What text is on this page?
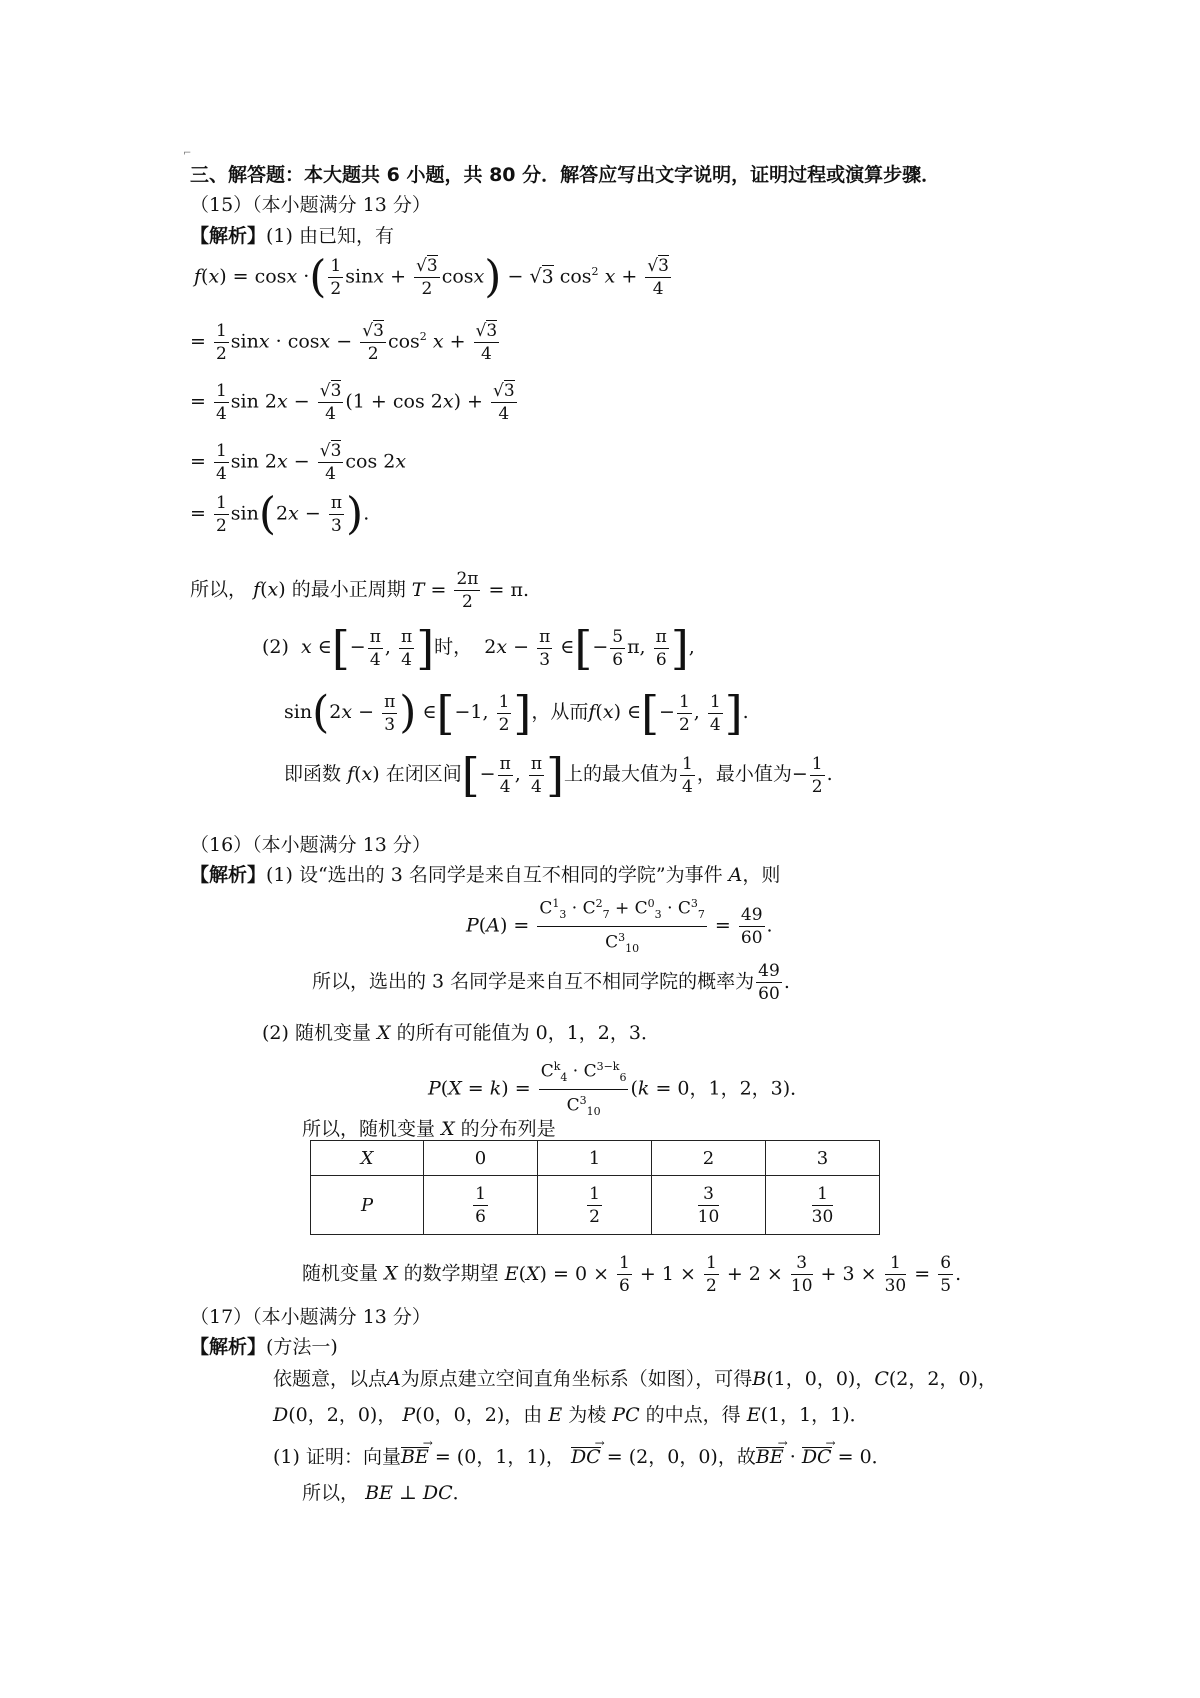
⌐
三、解答题：本大题共 6 小题，共 80 分．解答应写出文字说明，证明过程或演算步骤．
（15）（本小题满分 13 分）
【解析】(1) 由已知，有
f(x) = cosx ·( $\frac{1}{2}$ $\sin x + \frac{√3}{2} \cos x) - √3$ $\cos^2 x + \frac{√3}{4}$
= $\frac{1}{2}$ $\sin x \cdot \cos x - \frac{√3}{2} \cos^2 x + \frac{√3}{4}$
= $\frac{1}{4}$ $\sin 2x - \frac{√3}{4} (1 + \cos 2x) + \frac{√3}{4}$
= $\frac{1}{4}$ $\sin 2x - \frac{√3}{4}$ cos 2x
= $\frac{1}{2} \sin(2x - \frac{\pi}{3}$ ).
所以， f(x) 的最小正周期 $T = \frac{2\pi}{2} = \pi$.
(2) x ∈[− $\frac{\pi}{4}$ , $\frac{\pi}{4}$ ]时， $2x - \frac{\pi}{3}$ ∈[− $\frac{5}{6} \pi$, $\frac{\pi}{6}$ ],
$\sin(2x - \frac{\pi}{3}$ ) ∈[−1, $\frac{1}{2}$ ]，从而f(x) ∈[− $\frac{1}{2}$ , $\frac{1}{4}$ ].
即函数 f(x) 在闭区间[− $\frac{\pi}{4}$ , $\frac{\pi}{4}$ ]上的最大值为 $\frac{1}{4}$ ，最小值为− $\frac{1}{2}$ .
（16）（本小题满分 13 分）
【解析】(1) 设“选出的 3 名同学是来自互不相同的学院”为事件 A，则
$P(A) = \frac{C^1_3 \cdot C^2_7 + C^0_3 \cdot C^3_7}{C^3_{10}} = \frac{49}{60}$ .
所以，选出的 3 名同学是来自互不相同学院的概率为 $\frac{49}{60}$ .
(2) 随机变量 X 的所有可能值为 0，1，2，3．
$P(X = k) = \frac{C^k_4 \cdot C^{3-k}_6}{C^3_{10}} (k = 0$，1，2，3)．
所以，随机变量 X 的分布列是
X	0	1	2	3
P	$\frac{1}{6}$	$\frac{1}{2}$	$\frac{3}{10}$	$\frac{1}{30}$
随机变量 X 的数学期望 $E(X) = 0 \times \frac{1}{6} + 1 \times \frac{1}{2} + 2 \times \frac{3}{10} + 3 \times \frac{1}{30} = \frac{6}{5}$ .
（17）（本小题满分 13 分）
【解析】(方法一)
依题意，以点A为原点建立空间直角坐标系（如图），可得B(1，0，0)，C(2，2，0)，
D(0，2，0)， P(0，0，2)，由 E 为棱 PC 的中点，得 E(1，1，1)．
(1) 证明：向量BE → = (0，1，1)， DC → = (2，0，0)，故BE → · DC → = 0．
所以， BE ⊥ DC．
